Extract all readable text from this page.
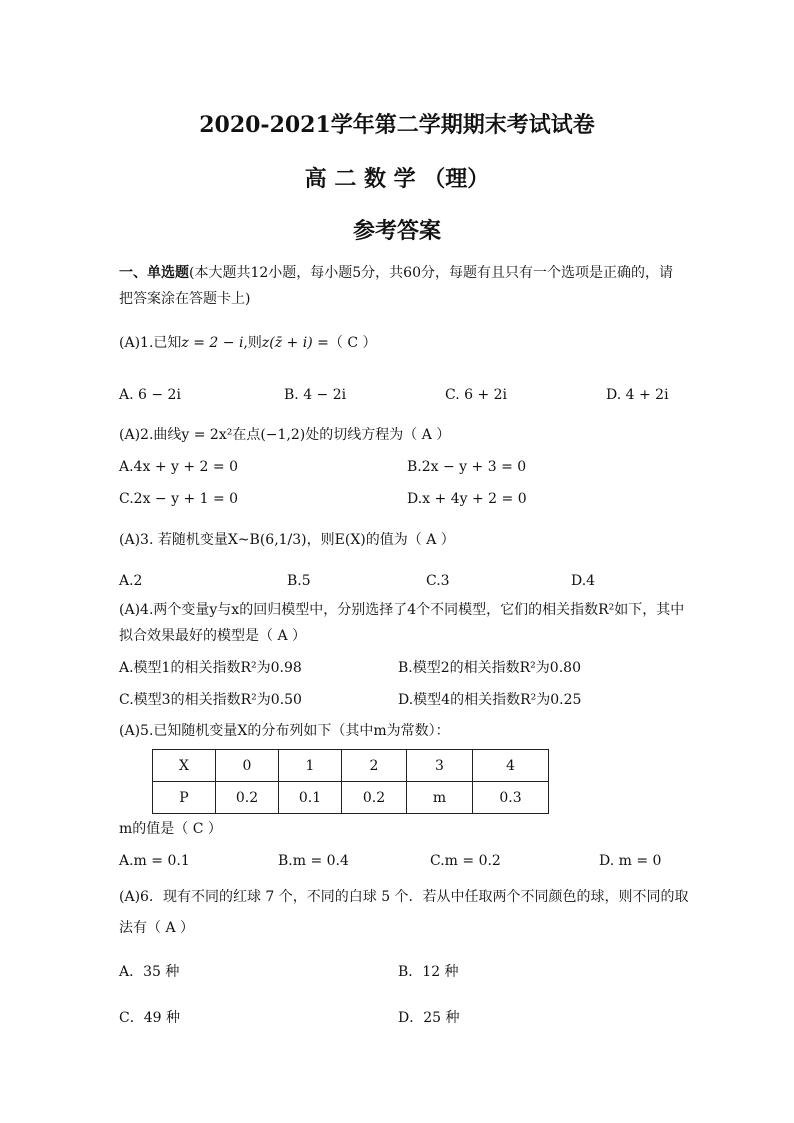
2020-2021学年第二学期期末考试试卷
高 二 数 学 （理）
参考答案
一、单选题(本大题共12小题，每小题5分，共60分，每题有且只有一个选项是正确的，请把答案涂在答题卡上)
(A)1.已知z = 2 − i,则z(z̄ + i) =（ C ）
A. 6 − 2i	B. 4 − 2i	C. 6 + 2i	D. 4 + 2i
(A)2.曲线y = 2x²在点(−1,2)处的切线方程为（ A ）
A.4x + y + 2 = 0	B.2x − y + 3 = 0
C.2x − y + 1 = 0	D.x + 4y + 2 = 0
(A)3. 若随机变量X~B(6,1/3)，则E(X)的值为（ A ）
A.2	B.5	C.3	D.4
(A)4.两个变量y与x的回归模型中，分别选择了4个不同模型，它们的相关指数R²如下，其中
拟合效果最好的模型是（ A ）
A.模型1的相关指数R²为0.98	B.模型2的相关指数R²为0.80
C.模型3的相关指数R²为0.50	D.模型4的相关指数R²为0.25
(A)5.已知随机变量X的分布列如下（其中m为常数）：
X	0	1	2	3	4
P	0.2	0.1	0.2	m	0.3
m的值是（ C ）
A.m = 0.1	B.m = 0.4	C.m = 0.2	D. m = 0
(A)6．现有不同的红球 7 个，不同的白球 5 个．若从中任取两个不同颜色的球，则不同的取
法有（ A ）
A．35 种	B．12 种
C．49 种	D．25 种
